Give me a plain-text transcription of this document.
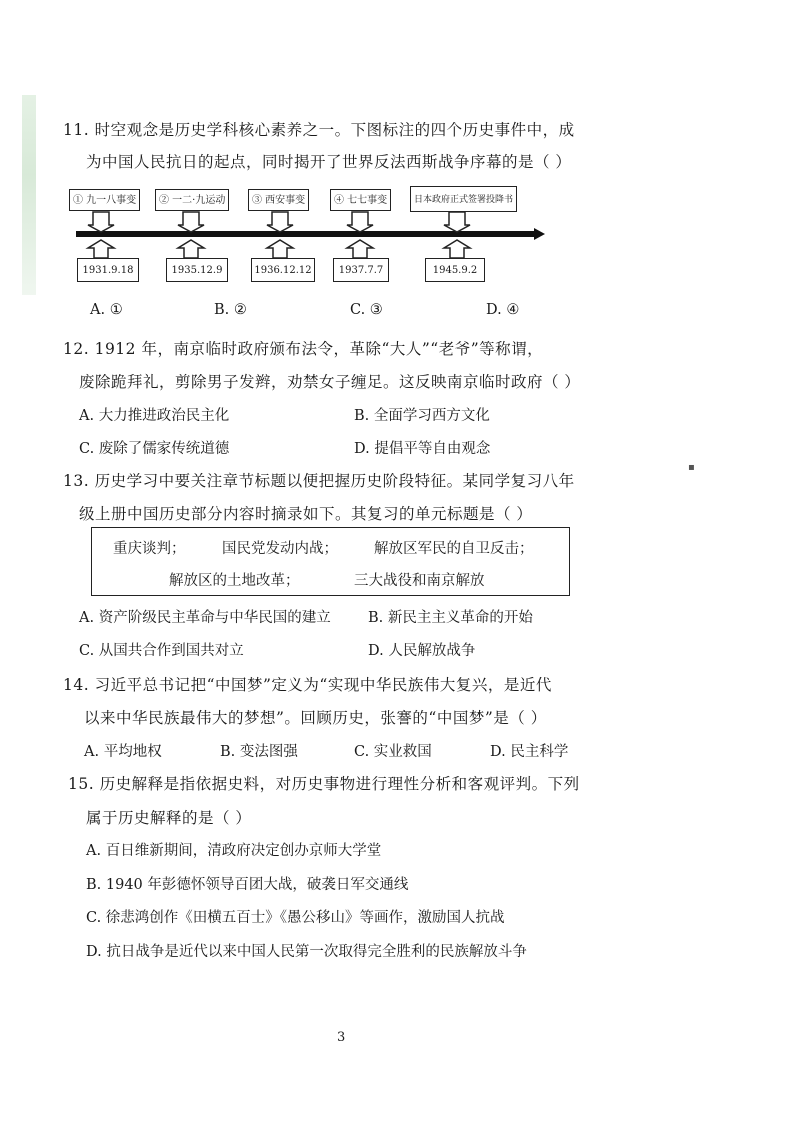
▪
11. 时空观念是历史学科核心素养之一。下图标注的四个历史事件中，成
为中国人民抗日的起点，同时揭开了世界反法西斯战争序幕的是（ ）
① 九一八事变	② 一二·九运动	③ 西安事变	④ 七七事变	日本政府正式签署投降书
1931.9.18	1935.12.9	1936.12.12	1937.7.7	1945.9.2
A. ①	B. ②	C. ③	D. ④
12. 1912 年，南京临时政府颁布法令，革除“大人”“老爷”等称谓，
废除跪拜礼，剪除男子发辫，劝禁女子缠足。这反映南京临时政府（ ）
A. 大力推进政治民主化	B. 全面学习西方文化
C. 废除了儒家传统道德	D. 提倡平等自由观念
13. 历史学习中要关注章节标题以便把握历史阶段特征。某同学复习八年
级上册中国历史部分内容时摘录如下。其复习的单元标题是（ ）
重庆谈判；	国民党发动内战； 解放区军民的自卫反击；
解放区的土地改革；	三大战役和南京解放
A. 资产阶级民主革命与中华民国的建立	B. 新民主主义革命的开始
C. 从国共合作到国共对立	D. 人民解放战争
14. 习近平总书记把“中国梦”定义为“实现中华民族伟大复兴，是近代
以来中华民族最伟大的梦想”。回顾历史，张謇的“中国梦”是（ ）
A. 平均地权	B. 变法图强	C. 实业救国	D. 民主科学
15. 历史解释是指依据史料，对历史事物进行理性分析和客观评判。下列
属于历史解释的是（ ）
A. 百日维新期间，清政府决定创办京师大学堂
B. 1940 年彭德怀领导百团大战，破袭日军交通线
C. 徐悲鸿创作《田横五百士》《愚公移山》等画作，激励国人抗战
D. 抗日战争是近代以来中国人民第一次取得完全胜利的民族解放斗争
3
